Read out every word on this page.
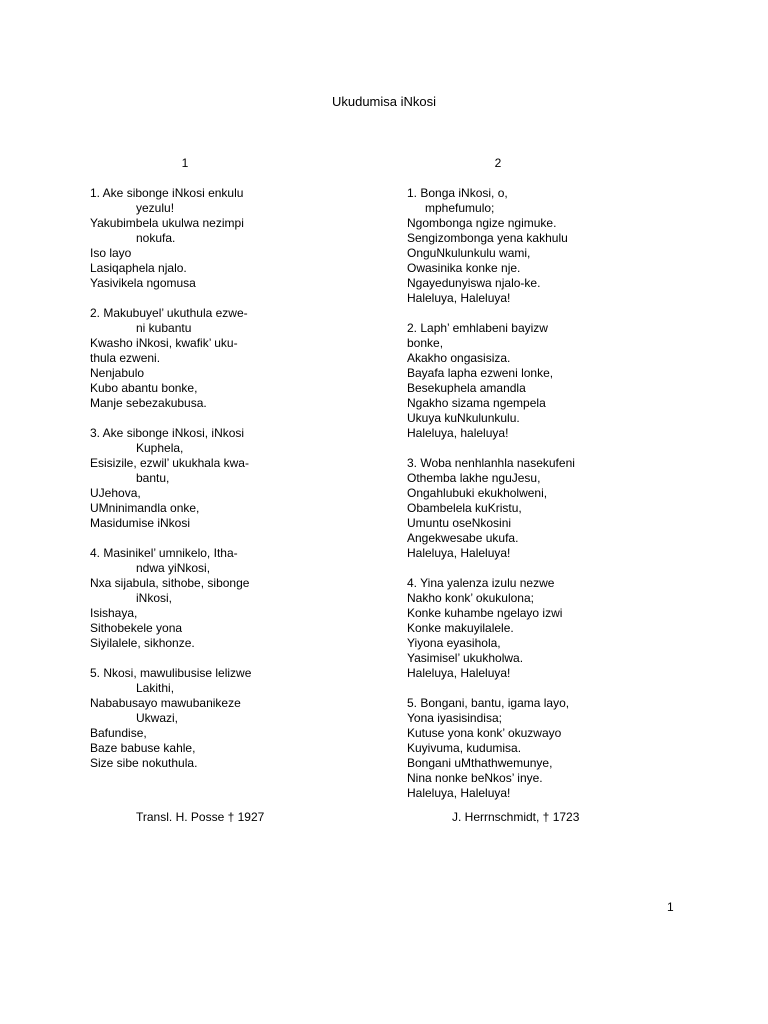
Ukudumisa iNkosi
1
1. Ake sibonge iNkosi enkulu
yezulu!
Yakubimbela ukulwa nezimpi
nokufa.
Iso layo
Lasiqaphela njalo.
Yasivikela ngomusa
2. Makubuyel’ ukuthula ezwe-
ni kubantu
Kwasho iNkosi, kwafik’ uku-
thula ezweni.
Nenjabulo
Kubo abantu bonke,
Manje sebezakubusa.
3. Ake sibonge iNkosi, iNkosi
Kuphela,
Esisizile, ezwil’ ukukhala kwa-
bantu,
UJehova,
UMninimandla onke,
Masidumise iNkosi
4. Masinikel’ umnikelo, Itha-
ndwa yiNkosi,
Nxa sijabula, sithobe, sibonge
iNkosi,
Isishaya,
Sithobekele yona
Siyilalele, sikhonze.
5. Nkosi, mawulibusise lelizwe
Lakithi,
Nababusayo mawubanikeze
Ukwazi,
Bafundise,
Baze babuse kahle,
Size sibe nokuthula.
2
1. Bonga iNkosi, o,
mphefumulo;
Ngombonga ngize ngimuke.
Sengizombonga yena kakhulu
OnguNkulunkulu wami,
Owasinika konke nje.
Ngayedunyiswa njalo-ke.
Haleluya, Haleluya!
2. Laph’ emhlabeni bayizw
bonke,
Akakho ongasisiza.
Bayafa lapha ezweni lonke,
Besekuphela amandla
Ngakho sizama ngempela
Ukuya kuNkulunkulu.
Haleluya, haleluya!
3. Woba nenhlanhla nasekufeni
Othemba lakhe nguJesu,
Ongahlubuki ekukholweni,
Obambelela kuKristu,
Umuntu oseNkosini
Angekwesabe ukufa.
Haleluya, Haleluya!
4. Yina yalenza izulu nezwe
Nakho konk’ okukulona;
Konke kuhambe ngelayo izwi
Konke makuyilalele.
Yiyona eyasihola,
Yasimisel’ ukukholwa.
Haleluya, Haleluya!
5. Bongani, bantu, igama layo,
Yona iyasisindisa;
Kutuse yona konk’ okuzwayo
Kuyivuma, kudumisa.
Bongani uMthathwemunye,
Nina nonke beNkos’ inye.
Haleluya, Haleluya!
Transl. H. Posse † 1927	J. Herrnschmidt, † 1723
1
